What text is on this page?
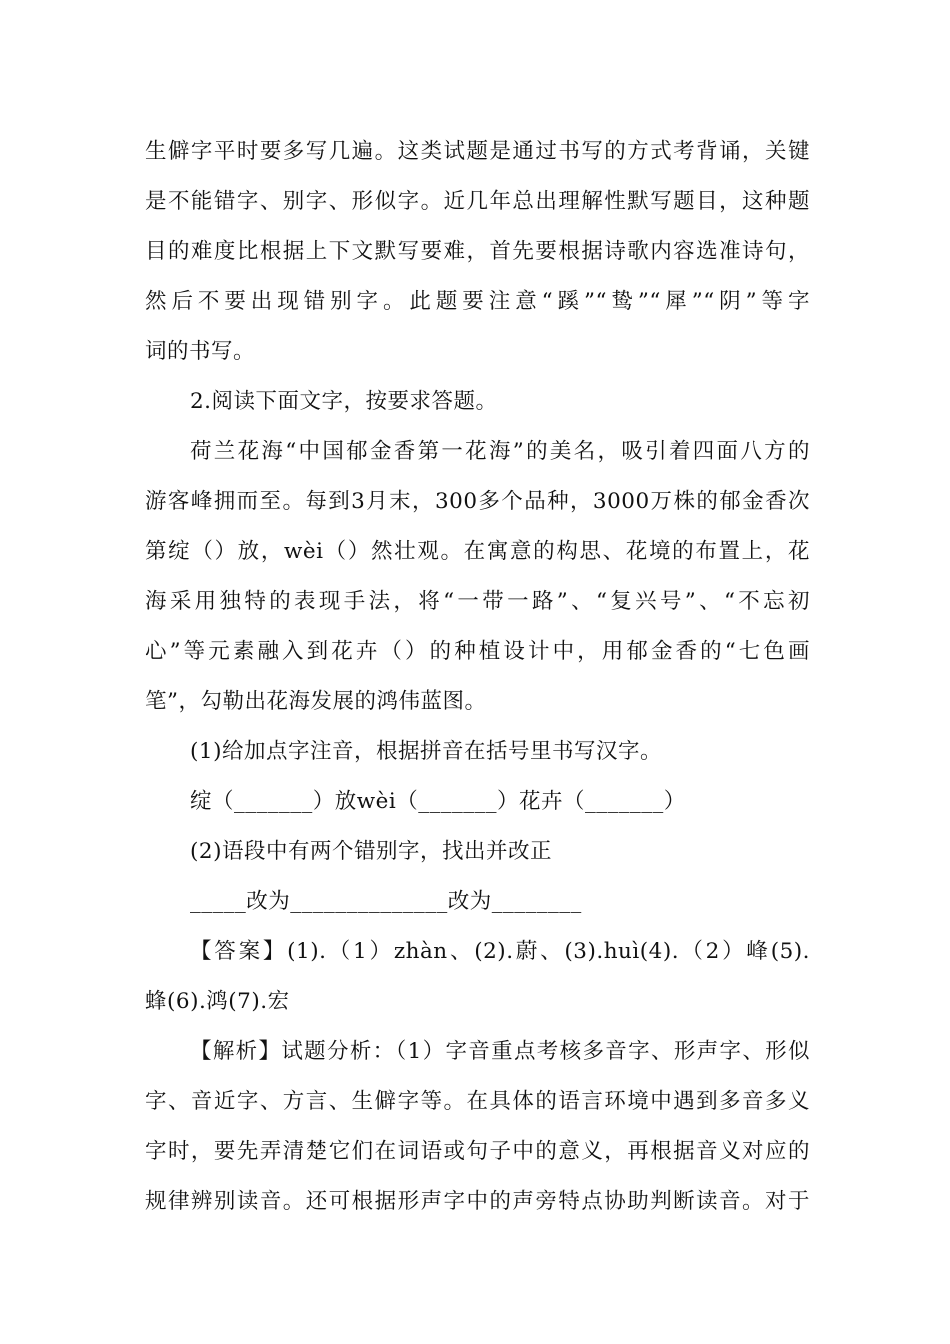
生僻字平时要多写几遍。这类试题是通过书写的方式考背诵，关键
是不能错字、别字、形似字。近几年总出理解性默写题目，这种题
目的难度比根据上下文默写要难，首先要根据诗歌内容选准诗句，
然后不要出现错别字。此题要注意“蹊”“鸷”“犀”“阴”等字
词的书写。
2.阅读下面文字，按要求答题。
荷兰花海“中国郁金香第一花海”的美名，吸引着四面八方的
游客峰拥而至。每到3月末，300多个品种，3000万株的郁金香次
第绽（）放，wèi（）然壮观。在寓意的构思、花境的布置上，花
海采用独特的表现手法，将“一带一路”、“复兴号”、“不忘初
心”等元素融入到花卉（）的种植设计中，用郁金香的“七色画
笔”，勾勒出花海发展的鸿伟蓝图。
(1)给加点字注音，根据拼音在括号里书写汉字。
绽（_______）放wèi（_______）花卉（_______）
(2)语段中有两个错别字，找出并改正
_____改为______________改为________
【答案】(1).（1）zhàn、(2).蔚、(3).huì(4).（2）峰(5).
蜂(6).鸿(7).宏
【解析】试题分析：（1）字音重点考核多音字、形声字、形似
字、音近字、方言、生僻字等。在具体的语言环境中遇到多音多义
字时，要先弄清楚它们在词语或句子中的意义，再根据音义对应的
规律辨别读音。还可根据形声字中的声旁特点协助判断读音。对于
